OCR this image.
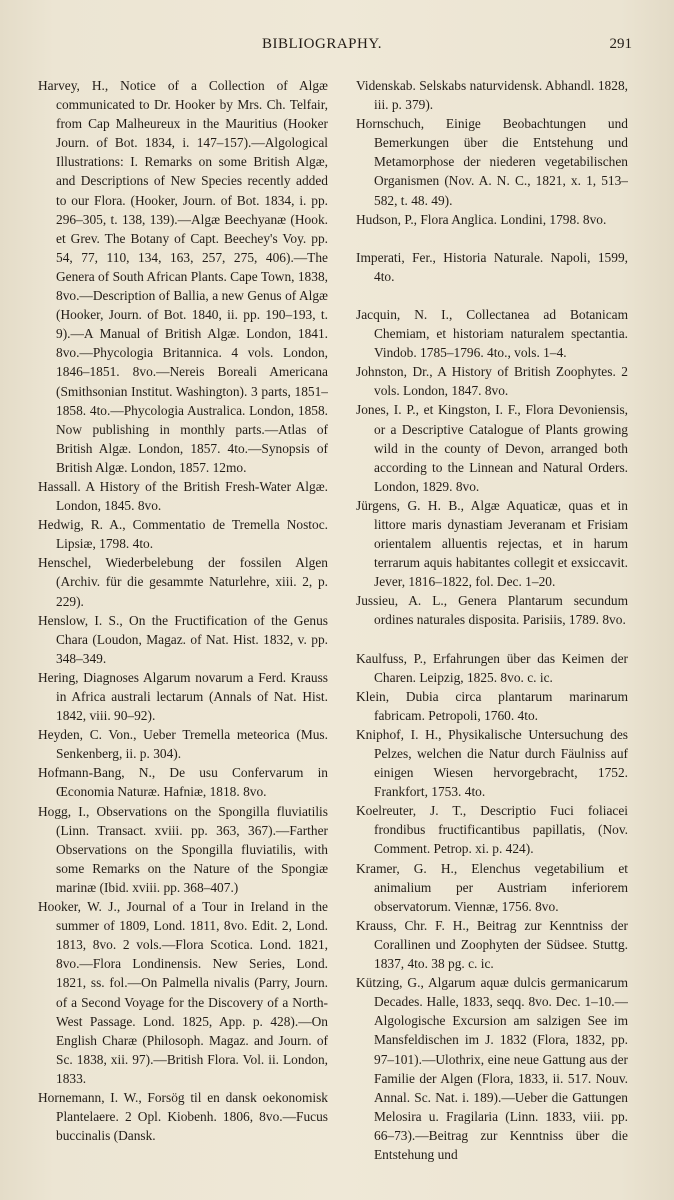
BIBLIOGRAPHY.	291

Harvey, H., Notice of a Collection of Algæ communicated to Dr. Hooker by Mrs. Ch. Telfair, from Cap Malheureux in the Mauritius (Hooker Journ. of Bot. 1834, i. 147–157).—Algological Illustrations: I. Remarks on some British Algæ, and Descriptions of New Species recently added to our Flora. (Hooker, Journ. of Bot. 1834, i. pp. 296–305, t. 138, 139).—Algæ Beechyanæ (Hook. et Grev. The Botany of Capt. Beechey's Voy. pp. 54, 77, 110, 134, 163, 257, 275, 406).—The Genera of South African Plants. Cape Town, 1838, 8vo.—Description of Ballia, a new Genus of Algæ (Hooker, Journ. of Bot. 1840, ii. pp. 190–193, t. 9).—A Manual of British Algæ. London, 1841. 8vo.—Phycologia Britannica. 4 vols. London, 1846–1851. 8vo.—Nereis Boreali Americana (Smithsonian Institut. Washington). 3 parts, 1851–1858. 4to.—Phycologia Australica. London, 1858. Now publishing in monthly parts.—Atlas of British Algæ. London, 1857. 4to.—Synopsis of British Algæ. London, 1857. 12mo.

Hassall. A History of the British Fresh-Water Algæ. London, 1845. 8vo.

Hedwig, R. A., Commentatio de Tremella Nostoc. Lipsiæ, 1798. 4to.

Henschel, Wiederbelebung der fossilen Algen (Archiv. für die gesammte Naturlehre, xiii. 2, p. 229).

Henslow, I. S., On the Fructification of the Genus Chara (Loudon, Magaz. of Nat. Hist. 1832, v. pp. 348–349.

Hering, Diagnoses Algarum novarum a Ferd. Krauss in Africa australi lectarum (Annals of Nat. Hist. 1842, viii. 90–92).

Heyden, C. Von., Ueber Tremella meteorica (Mus. Senkenberg, ii. p. 304).

Hofmann-Bang, N., De usu Confervarum in Œconomia Naturæ. Hafniæ, 1818. 8vo.

Hogg, I., Observations on the Spongilla fluviatilis (Linn. Transact. xviii. pp. 363, 367).—Farther Observations on the Spongilla fluviatilis, with some Remarks on the Nature of the Spongiæ marinæ (Ibid. xviii. pp. 368–407.)

Hooker, W. J., Journal of a Tour in Ireland in the summer of 1809, Lond. 1811, 8vo. Edit. 2, Lond. 1813, 8vo. 2 vols.—Flora Scotica. Lond. 1821, 8vo.—Flora Londinensis. New Series, Lond. 1821, ss. fol.—On Palmella nivalis (Parry, Journ. of a Second Voyage for the Discovery of a North-West Passage. Lond. 1825, App. p. 428).—On English Charæ (Philosoph. Magaz. and Journ. of Sc. 1838, xii. 97).—British Flora. Vol. ii. London, 1833.

Hornemann, I. W., Forsög til en dansk oekonomisk Plantelaere. 2 Opl. Kiobenh. 1806, 8vo.—Fucus buccinalis (Dansk.

Videnskab. Selskabs naturvidensk. Abhandl. 1828, iii. p. 379).

Hornschuch, Einige Beobachtungen und Bemerkungen über die Entstehung und Metamorphose der niederen vegetabilischen Organismen (Nov. A. N. C., 1821, x. 1, 513–582, t. 48. 49).

Hudson, P., Flora Anglica. Londini, 1798. 8vo.

Imperati, Fer., Historia Naturale. Napoli, 1599, 4to.

Jacquin, N. I., Collectanea ad Botanicam Chemiam, et historiam naturalem spectantia. Vindob. 1785–1796. 4to., vols. 1–4.

Johnston, Dr., A History of British Zoophytes. 2 vols. London, 1847. 8vo.

Jones, I. P., et Kingston, I. F., Flora Devoniensis, or a Descriptive Catalogue of Plants growing wild in the county of Devon, arranged both according to the Linnean and Natural Orders. London, 1829. 8vo.

Jürgens, G. H. B., Algæ Aquaticæ, quas et in littore maris dynastiam Jeveranam et Frisiam orientalem alluentis rejectas, et in harum terrarum aquis habitantes collegit et exsiccavit. Jever, 1816–1822, fol. Dec. 1–20.

Jussieu, A. L., Genera Plantarum secundum ordines naturales disposita. Parisiis, 1789. 8vo.

Kaulfuss, P., Erfahrungen über das Keimen der Charen. Leipzig, 1825. 8vo. c. ic.

Klein, Dubia circa plantarum marinarum fabricam. Petropoli, 1760. 4to.

Kniphof, I. H., Physikalische Untersuchung des Pelzes, welchen die Natur durch Fäulniss auf einigen Wiesen hervorgebracht, 1752. Frankfort, 1753. 4to.

Koelreuter, J. T., Descriptio Fuci foliacei frondibus fructificantibus papillatis, (Nov. Comment. Petrop. xi. p. 424).

Kramer, G. H., Elenchus vegetabilium et animalium per Austriam inferiorem observatorum. Viennæ, 1756. 8vo.

Krauss, Chr. F. H., Beitrag zur Kenntniss der Corallinen und Zoophyten der Südsee. Stuttg. 1837, 4to. 38 pg. c. ic.

Kützing, G., Algarum aquæ dulcis germanicarum Decades. Halle, 1833, seqq. 8vo. Dec. 1–10.—Algologische Excursion am salzigen See im Mansfeldischen im J. 1832 (Flora, 1832, pp. 97–101).—Ulothrix, eine neue Gattung aus der Familie der Algen (Flora, 1833, ii. 517. Nouv. Annal. Sc. Nat. i. 189).—Ueber die Gattungen Melosira u. Fragilaria (Linn. 1833, viii. pp. 66–73).—Beitrag zur Kenntniss über die Entstehung und
